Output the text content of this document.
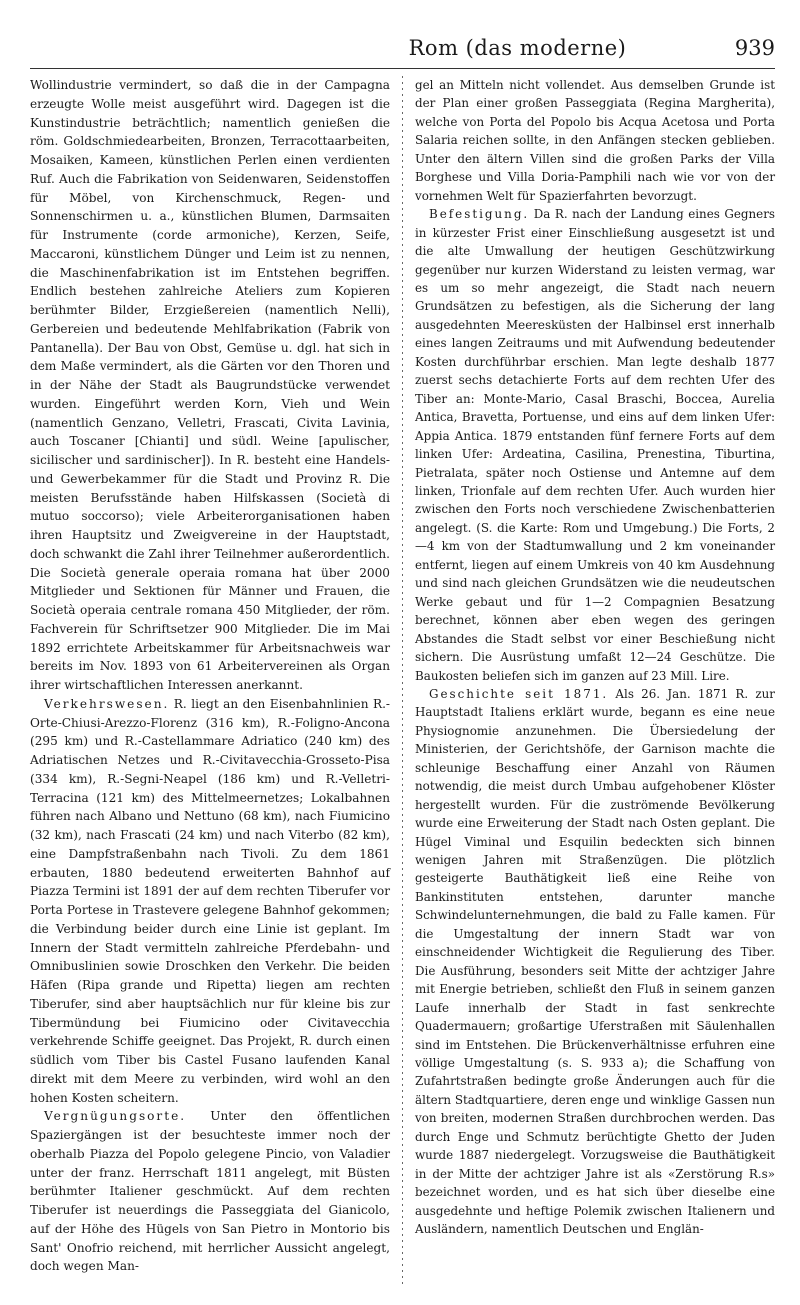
Rom (das moderne)	939

Wollindustrie vermindert, so daß die in der Campagna erzeugte Wolle meist ausgeführt wird. Dagegen ist die Kunstindustrie beträchtlich; namentlich genießen die röm. Goldschmiedearbeiten, Bronzen, Terracottaarbeiten, Mosaiken, Kameen, künstlichen Perlen einen verdienten Ruf. Auch die Fabrikation von Seidenwaren, Seidenstoffen für Möbel, von Kirchenschmuck, Regen- und Sonnenschirmen u. a., künstlichen Blumen, Darmsaiten für Instrumente (corde armoniche), Kerzen, Seife, Maccaroni, künstlichem Dünger und Leim ist zu nennen, die Maschinenfabrikation ist im Entstehen begriffen. Endlich bestehen zahlreiche Ateliers zum Kopieren berühmter Bilder, Erzgießereien (namentlich Nelli), Gerbereien und bedeutende Mehlfabrikation (Fabrik von Pantanella). Der Bau von Obst, Gemüse u. dgl. hat sich in dem Maße vermindert, als die Gärten vor den Thoren und in der Nähe der Stadt als Baugrundstücke verwendet wurden. Eingeführt werden Korn, Vieh und Wein (namentlich Genzano, Velletri, Frascati, Civita Lavinia, auch Toscaner [Chianti] und südl. Weine [apulischer, sicilischer und sardinischer]). In R. besteht eine Handels- und Gewerbekammer für die Stadt und Provinz R. Die meisten Berufsstände haben Hilfskassen (Società di mutuo soccorso); viele Arbeiterorganisationen haben ihren Hauptsitz und Zweigvereine in der Hauptstadt, doch schwankt die Zahl ihrer Teilnehmer außerordentlich. Die Società generale operaia romana hat über 2000 Mitglieder und Sektionen für Männer und Frauen, die Società operaia centrale romana 450 Mitglieder, der röm. Fachverein für Schriftsetzer 900 Mitglieder. Die im Mai 1892 errichtete Arbeitskammer für Arbeitsnachweis war bereits im Nov. 1893 von 61 Arbeitervereinen als Organ ihrer wirtschaftlichen Interessen anerkannt.

Verkehrswesen. R. liegt an den Eisenbahnlinien R.-Orte-Chiusi-Arezzo-Florenz (316 km), R.-Foligno-Ancona (295 km) und R.-Castellammare Adriatico (240 km) des Adriatischen Netzes und R.-Civitavecchia-Grosseto-Pisa (334 km), R.-Segni-Neapel (186 km) und R.-Velletri-Terracina (121 km) des Mittelmeernetzes; Lokalbahnen führen nach Albano und Nettuno (68 km), nach Fiumicino (32 km), nach Frascati (24 km) und nach Viterbo (82 km), eine Dampfstraßenbahn nach Tivoli. Zu dem 1861 erbauten, 1880 bedeutend erweiterten Bahnhof auf Piazza Termini ist 1891 der auf dem rechten Tiberufer vor Porta Portese in Trastevere gelegene Bahnhof gekommen; die Verbindung beider durch eine Linie ist geplant. Im Innern der Stadt vermitteln zahlreiche Pferdebahn- und Omnibuslinien sowie Droschken den Verkehr. Die beiden Häfen (Ripa grande und Ripetta) liegen am rechten Tiberufer, sind aber hauptsächlich nur für kleine bis zur Tibermündung bei Fiumicino oder Civitavecchia verkehrende Schiffe geeignet. Das Projekt, R. durch einen südlich vom Tiber bis Castel Fusano laufenden Kanal direkt mit dem Meere zu verbinden, wird wohl an den hohen Kosten scheitern.

Vergnügungsorte. Unter den öffentlichen Spaziergängen ist der besuchteste immer noch der oberhalb Piazza del Popolo gelegene Pincio, von Valadier unter der franz. Herrschaft 1811 angelegt, mit Büsten berühmter Italiener geschmückt. Auf dem rechten Tiberufer ist neuerdings die Passeggiata del Gianicolo, auf der Höhe des Hügels von San Pietro in Montorio bis Sant' Onofrio reichend, mit herrlicher Aussicht angelegt, doch wegen Man-

gel an Mitteln nicht vollendet. Aus demselben Grunde ist der Plan einer großen Passeggiata (Regina Margherita), welche von Porta del Popolo bis Acqua Acetosa und Porta Salaria reichen sollte, in den Anfängen stecken geblieben. Unter den ältern Villen sind die großen Parks der Villa Borghese und Villa Doria-Pamphili nach wie vor von der vornehmen Welt für Spazierfahrten bevorzugt.

Befestigung. Da R. nach der Landung eines Gegners in kürzester Frist einer Einschließung ausgesetzt ist und die alte Umwallung der heutigen Geschützwirkung gegenüber nur kurzen Widerstand zu leisten vermag, war es um so mehr angezeigt, die Stadt nach neuern Grundsätzen zu befestigen, als die Sicherung der lang ausgedehnten Meeresküsten der Halbinsel erst innerhalb eines langen Zeitraums und mit Aufwendung bedeutender Kosten durchführbar erschien. Man legte deshalb 1877 zuerst sechs detachierte Forts auf dem rechten Ufer des Tiber an: Monte-Mario, Casal Braschi, Boccea, Aurelia Antica, Bravetta, Portuense, und eins auf dem linken Ufer: Appia Antica. 1879 entstanden fünf fernere Forts auf dem linken Ufer: Ardeatina, Casilina, Prenestina, Tiburtina, Pietralata, später noch Ostiense und Antemne auf dem linken, Trionfale auf dem rechten Ufer. Auch wurden hier zwischen den Forts noch verschiedene Zwischenbatterien angelegt. (S. die Karte: Rom und Umgebung.) Die Forts, 2—4 km von der Stadtumwallung und 2 km voneinander entfernt, liegen auf einem Umkreis von 40 km Ausdehnung und sind nach gleichen Grundsätzen wie die neudeutschen Werke gebaut und für 1—2 Compagnien Besatzung berechnet, können aber eben wegen des geringen Abstandes die Stadt selbst vor einer Beschießung nicht sichern. Die Ausrüstung umfaßt 12—24 Geschütze. Die Baukosten beliefen sich im ganzen auf 23 Mill. Lire.

Geschichte seit 1871. Als 26. Jan. 1871 R. zur Hauptstadt Italiens erklärt wurde, begann es eine neue Physiognomie anzunehmen. Die Übersiedelung der Ministerien, der Gerichtshöfe, der Garnison machte die schleunige Beschaffung einer Anzahl von Räumen notwendig, die meist durch Umbau aufgehobener Klöster hergestellt wurden. Für die zuströmende Bevölkerung wurde eine Erweiterung der Stadt nach Osten geplant. Die Hügel Viminal und Esquilin bedeckten sich binnen wenigen Jahren mit Straßenzügen. Die plötzlich gesteigerte Bauthätigkeit ließ eine Reihe von Bankinstituten entstehen, darunter manche Schwindelunternehmungen, die bald zu Falle kamen. Für die Umgestaltung der innern Stadt war von einschneidender Wichtigkeit die Regulierung des Tiber. Die Ausführung, besonders seit Mitte der achtziger Jahre mit Energie betrieben, schließt den Fluß in seinem ganzen Laufe innerhalb der Stadt in fast senkrechte Quadermauern; großartige Uferstraßen mit Säulenhallen sind im Entstehen. Die Brückenverhältnisse erfuhren eine völlige Umgestaltung (s. S. 933 a); die Schaffung von Zufahrtstraßen bedingte große Änderungen auch für die ältern Stadtquartiere, deren enge und winklige Gassen nun von breiten, modernen Straßen durchbrochen werden. Das durch Enge und Schmutz berüchtigte Ghetto der Juden wurde 1887 niedergelegt. Vorzugsweise die Bauthätigkeit in der Mitte der achtziger Jahre ist als «Zerstörung R.s» bezeichnet worden, und es hat sich über dieselbe eine ausgedehnte und heftige Polemik zwischen Italienern und Ausländern, namentlich Deutschen und Englän-
